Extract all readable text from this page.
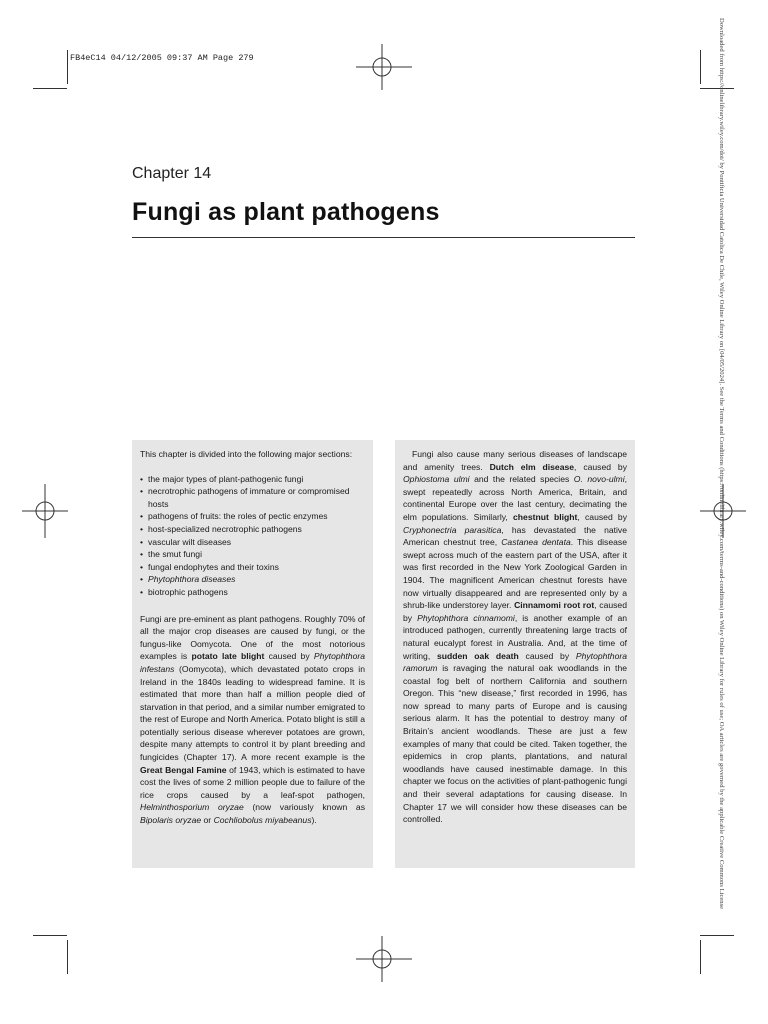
FB4eC14 04/12/2005 09:37 AM Page 279
Chapter 14
Fungi as plant pathogens	Downloaded from https://onlinelibrary.wiley.com/doi/ by Pontificia Universidad Catolica De Chile, Wiley Online Library on [04/05/2024]. See the Terms and Conditions (https://onlinelibrary.wiley.com/terms-and-conditions) on Wiley Online Library for rules of use; OA articles are governed by the applicable Creative Commons License

This chapter is divided into the following major sections:

• the major types of plant-pathogenic fungi
• necrotrophic pathogens of immature or compromised hosts
• pathogens of fruits: the roles of pectic enzymes
• host-specialized necrotrophic pathogens
• vascular wilt diseases
• the smut fungi
• fungal endophytes and their toxins
• Phytophthora diseases
• biotrophic pathogens

Fungi are pre-eminent as plant pathogens. Roughly 70% of all the major crop diseases are caused by fungi, or the fungus-like Oomycota. One of the most notorious examples is potato late blight caused by Phytophthora infestans (Oomycota), which devastated potato crops in Ireland in the 1840s leading to widespread famine. It is estimated that more than half a million people died of starvation in that period, and a similar number emigrated to the rest of Europe and North America. Potato blight is still a potentially serious disease wherever potatoes are grown, despite many attempts to control it by plant breeding and fungicides (Chapter 17). A more recent example is the Great Bengal Famine of 1943, which is estimated to have cost the lives of some 2 million people due to failure of the rice crops caused by a leaf-spot pathogen, Helminthosporium oryzae (now variously known as Bipolaris oryzae or Cochliobolus miyabeanus).

Fungi also cause many serious diseases of landscape and amenity trees. Dutch elm disease, caused by Ophiostoma ulmi and the related species O. novo-ulmi, swept repeatedly across North America, Britain, and continental Europe over the last century, decimating the elm populations. Similarly, chestnut blight, caused by Cryphonectria parasitica, has devastated the native American chestnut tree, Castanea dentata. This disease swept across much of the eastern part of the USA, after it was first recorded in the New York Zoological Garden in 1904. The magnificent American chestnut forests have now virtually disappeared and are represented only by a shrub-like understorey layer. Cinnamomi root rot, caused by Phytophthora cinnamomi, is another example of an introduced pathogen, currently threatening large tracts of natural eucalypt forest in Australia. And, at the time of writing, sudden oak death caused by Phytophthora ramorum is ravaging the natural oak woodlands in the coastal fog belt of northern California and southern Oregon. This “new disease,” first recorded in 1996, has now spread to many parts of Europe and is causing serious alarm. It has the potential to destroy many of Britain’s ancient woodlands. These are just a few examples of many that could be cited. Taken together, the epidemics in crop plants, plantations, and natural woodlands have caused inestimable damage. In this chapter we focus on the activities of plant-pathogenic fungi and their several adaptations for causing disease. In Chapter 17 we will consider how these diseases can be controlled.
